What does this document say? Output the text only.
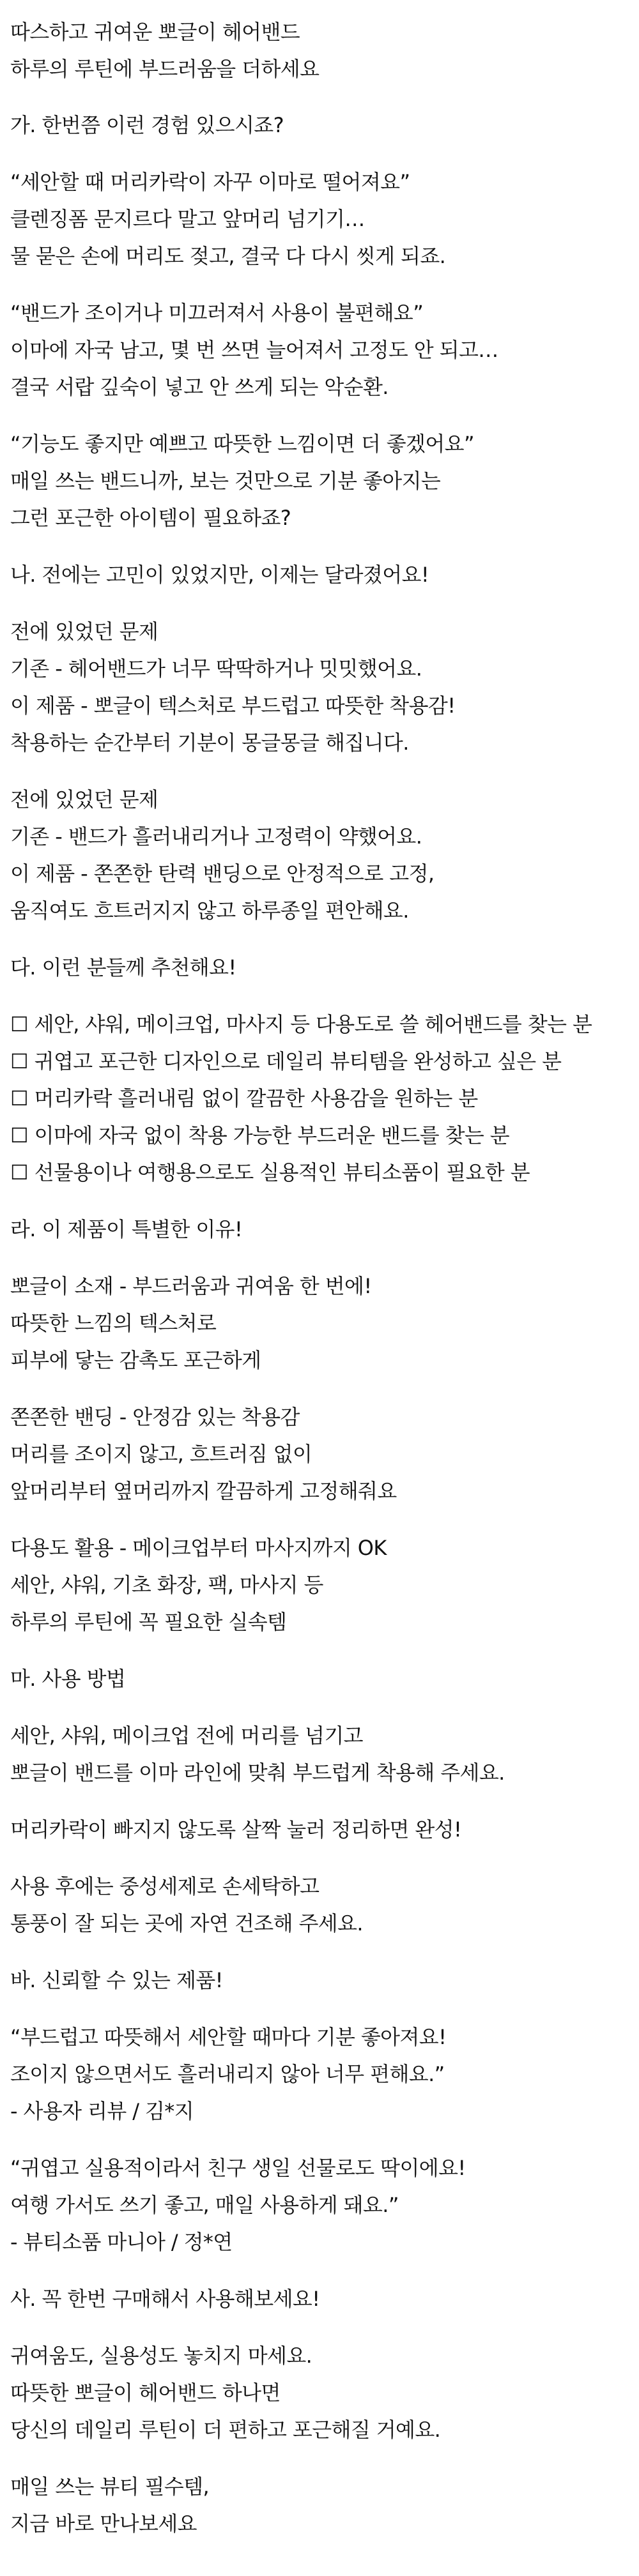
따스하고 귀여운 뽀글이 헤어밴드
하루의 루틴에 부드러움을 더하세요
가. 한번쯤 이런 경험 있으시죠?
“세안할 때 머리카락이 자꾸 이마로 떨어져요”
클렌징폼 문지르다 말고 앞머리 넘기기…
물 묻은 손에 머리도 젖고, 결국 다 다시 씻게 되죠.
“밴드가 조이거나 미끄러져서 사용이 불편해요”
이마에 자국 남고, 몇 번 쓰면 늘어져서 고정도 안 되고…
결국 서랍 깊숙이 넣고 안 쓰게 되는 악순환.
“기능도 좋지만 예쁘고 따뜻한 느낌이면 더 좋겠어요”
매일 쓰는 밴드니까, 보는 것만으로 기분 좋아지는
그런 포근한 아이템이 필요하죠?
나. 전에는 고민이 있었지만, 이제는 달라졌어요!
전에 있었던 문제
기존 - 헤어밴드가 너무 딱딱하거나 밋밋했어요.
이 제품 - 뽀글이 텍스처로 부드럽고 따뜻한 착용감!
착용하는 순간부터 기분이 몽글몽글 해집니다.
전에 있었던 문제
기존 - 밴드가 흘러내리거나 고정력이 약했어요.
이 제품 - 쫀쫀한 탄력 밴딩으로 안정적으로 고정,
움직여도 흐트러지지 않고 하루종일 편안해요.
다. 이런 분들께 추천해요!
☐ 세안, 샤워, 메이크업, 마사지 등 다용도로 쓸 헤어밴드를 찾는 분
☐ 귀엽고 포근한 디자인으로 데일리 뷰티템을 완성하고 싶은 분
☐ 머리카락 흘러내림 없이 깔끔한 사용감을 원하는 분
☐ 이마에 자국 없이 착용 가능한 부드러운 밴드를 찾는 분
☐ 선물용이나 여행용으로도 실용적인 뷰티소품이 필요한 분
라. 이 제품이 특별한 이유!
뽀글이 소재 - 부드러움과 귀여움 한 번에!
따뜻한 느낌의 텍스처로
피부에 닿는 감촉도 포근하게
쫀쫀한 밴딩 - 안정감 있는 착용감
머리를 조이지 않고, 흐트러짐 없이
앞머리부터 옆머리까지 깔끔하게 고정해줘요
다용도 활용 - 메이크업부터 마사지까지 OK
세안, 샤워, 기초 화장, 팩, 마사지 등
하루의 루틴에 꼭 필요한 실속템
마. 사용 방법
세안, 샤워, 메이크업 전에 머리를 넘기고
뽀글이 밴드를 이마 라인에 맞춰 부드럽게 착용해 주세요.
머리카락이 빠지지 않도록 살짝 눌러 정리하면 완성!
사용 후에는 중성세제로 손세탁하고
통풍이 잘 되는 곳에 자연 건조해 주세요.
바. 신뢰할 수 있는 제품!
“부드럽고 따뜻해서 세안할 때마다 기분 좋아져요!
조이지 않으면서도 흘러내리지 않아 너무 편해요.”
- 사용자 리뷰 / 김*지
“귀엽고 실용적이라서 친구 생일 선물로도 딱이에요!
여행 가서도 쓰기 좋고, 매일 사용하게 돼요.”
- 뷰티소품 마니아 / 정*연
사. 꼭 한번 구매해서 사용해보세요!
귀여움도, 실용성도 놓치지 마세요.
따뜻한 뽀글이 헤어밴드 하나면
당신의 데일리 루틴이 더 편하고 포근해질 거예요.
매일 쓰는 뷰티 필수템,
지금 바로 만나보세요
